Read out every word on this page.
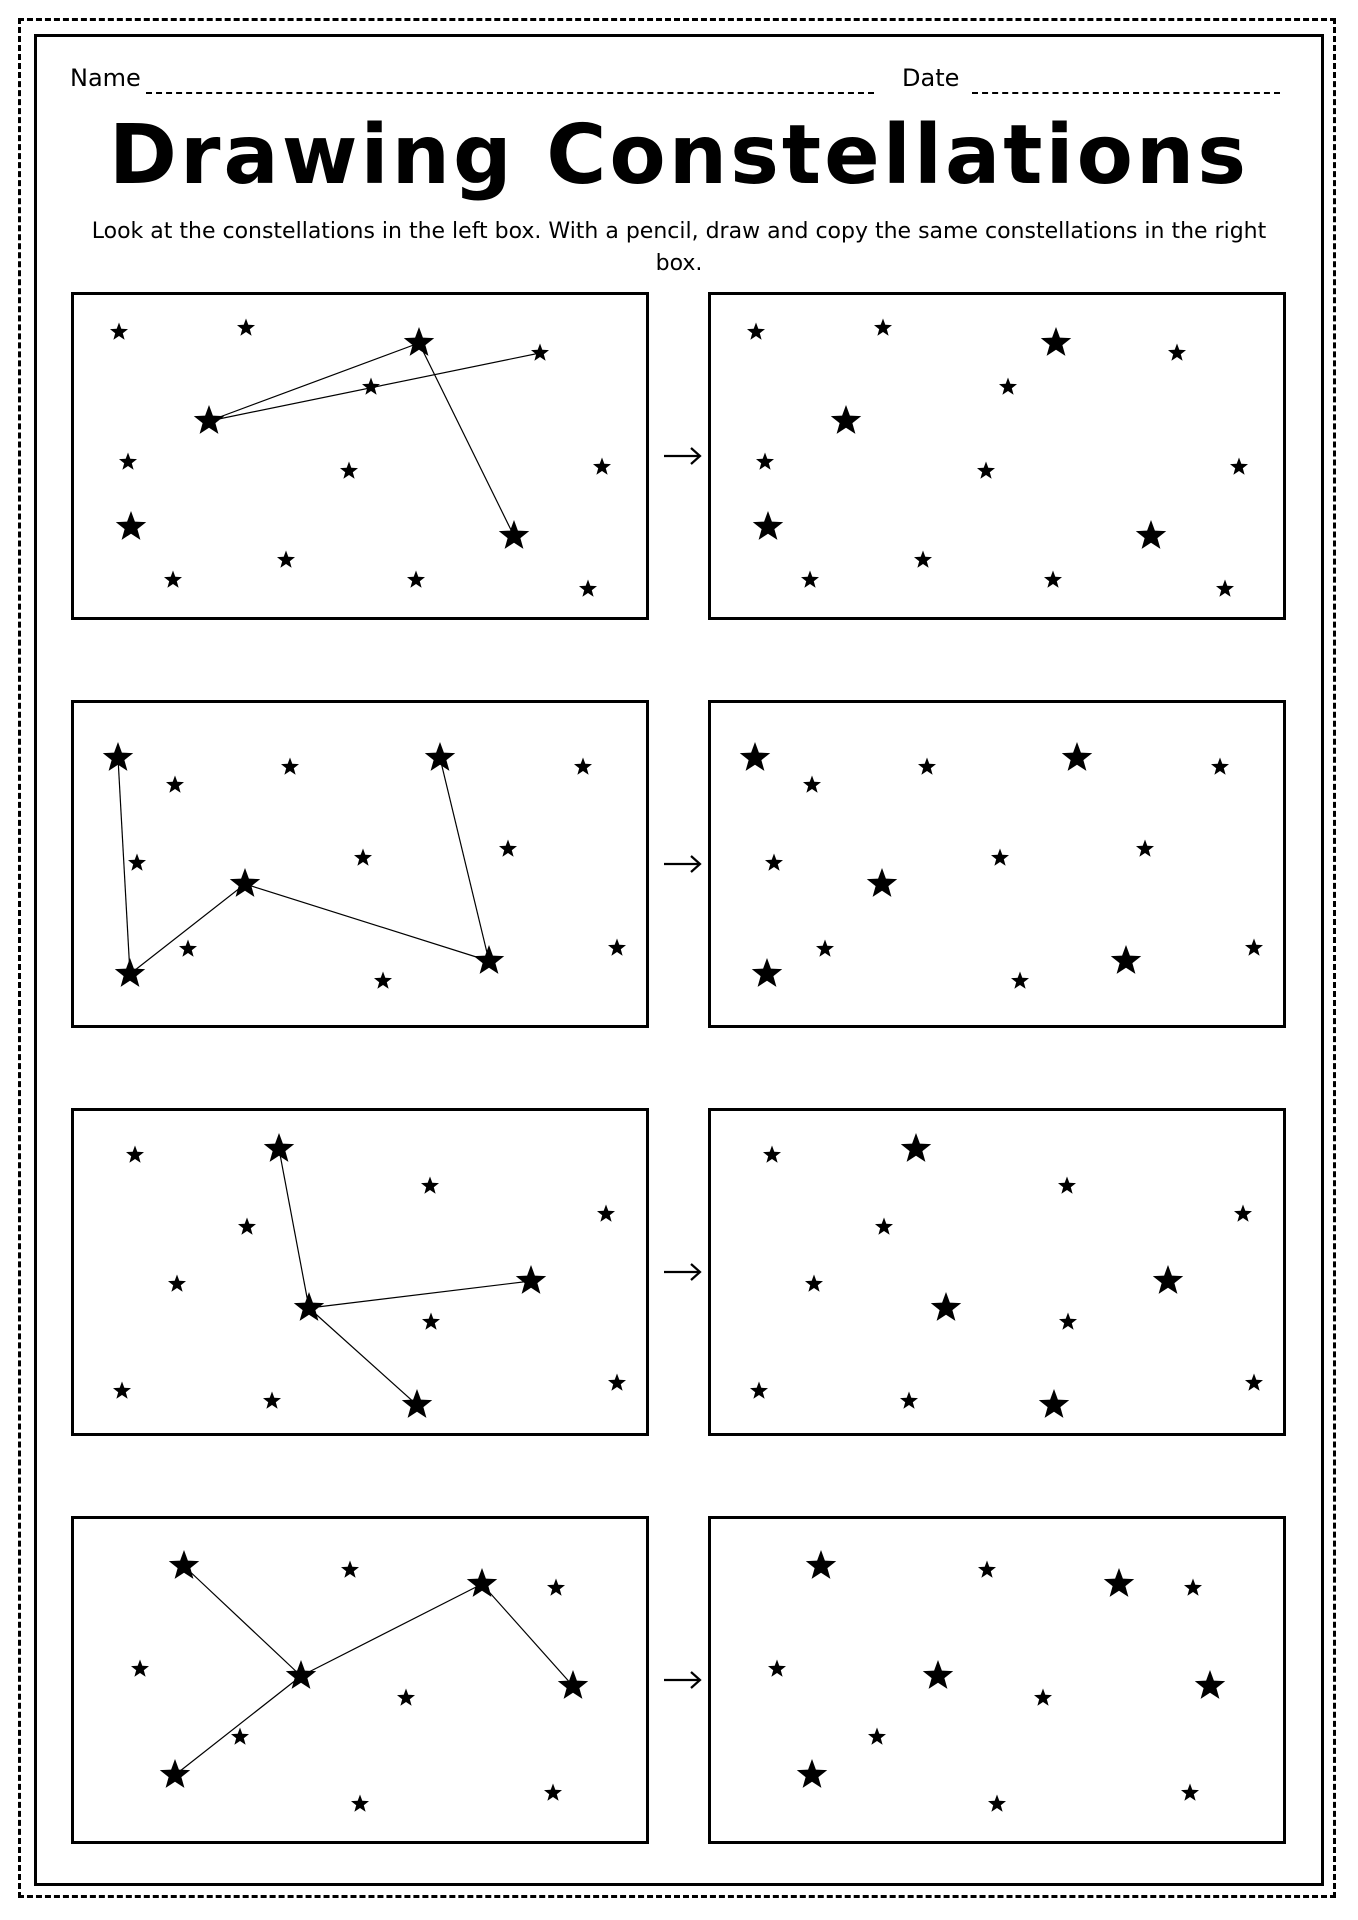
Name	Date
Drawing Constellations
Look at the constellations in the left box. With a pencil, draw and copy the same constellations in the right box.
